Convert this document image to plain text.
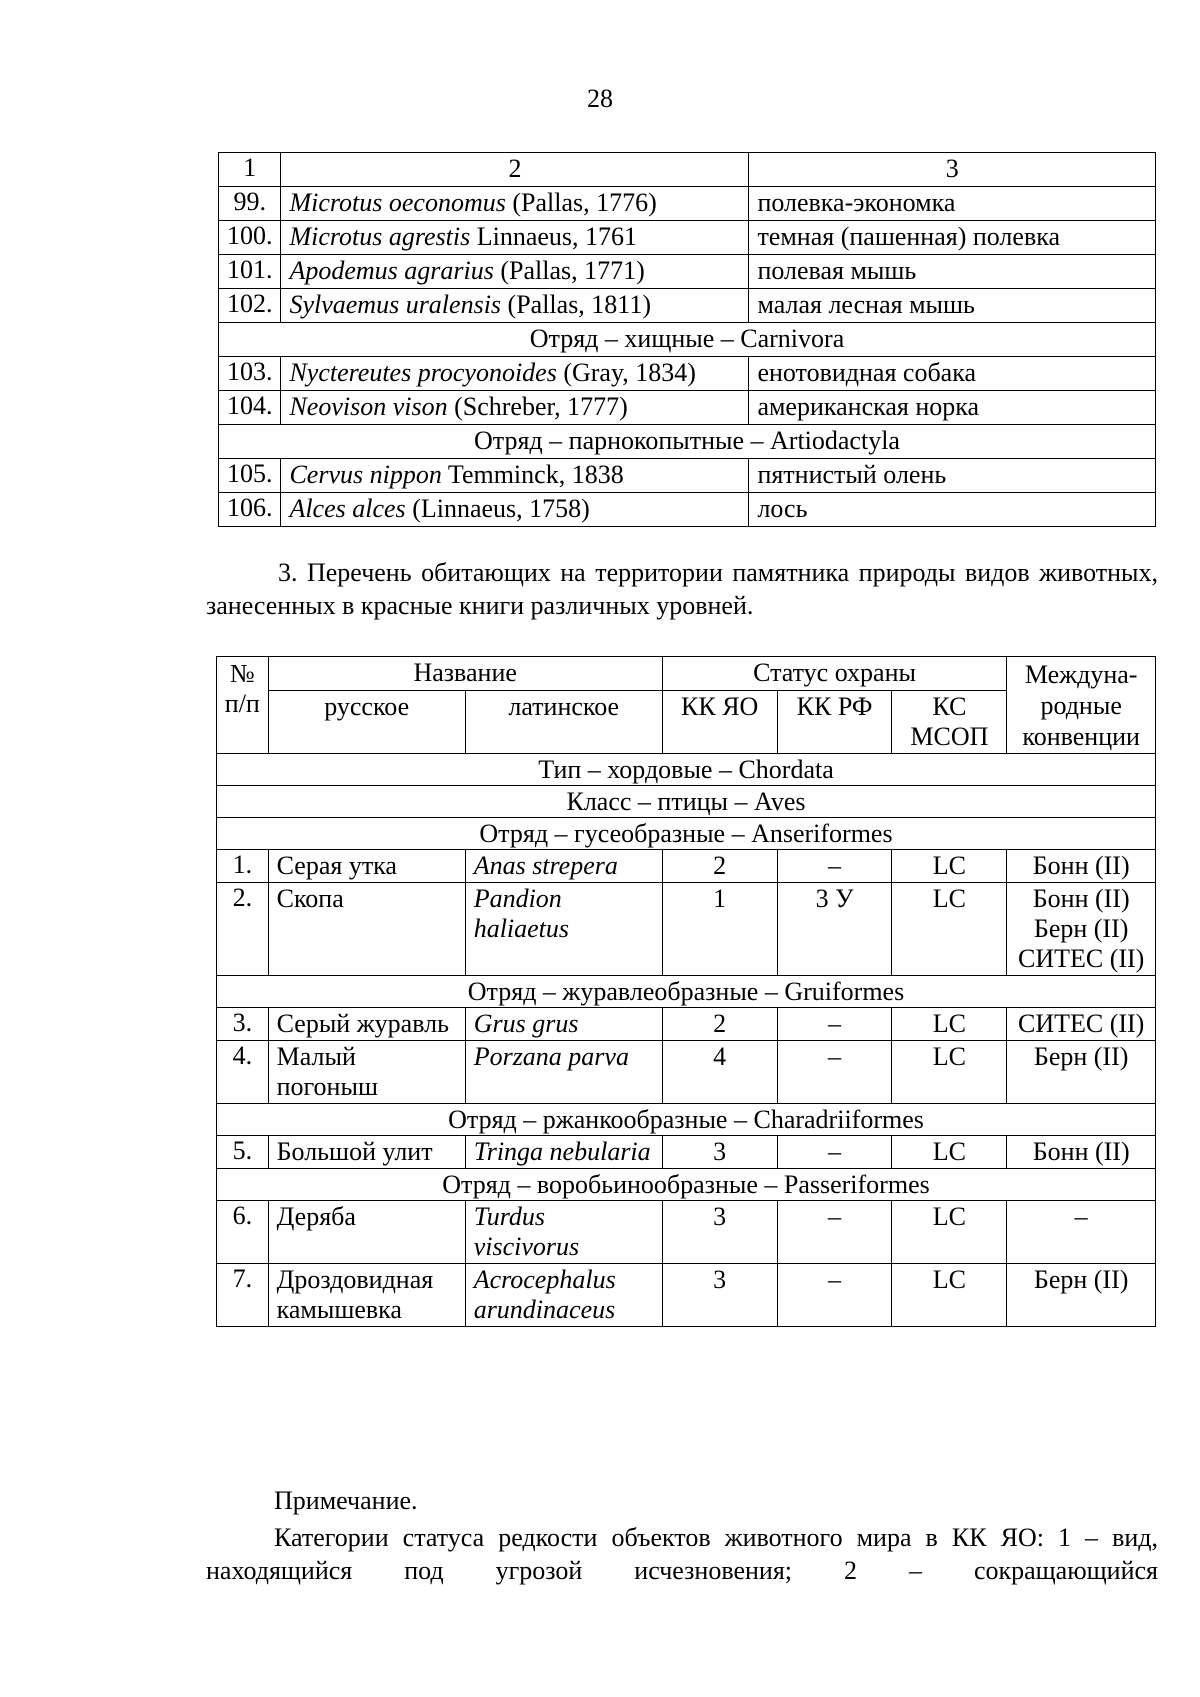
28
1	2	3
99.	Microtus oeconomus (Pallas, 1776)	полевка-экономка
100.	Microtus agrestis Linnaeus, 1761	темная (пашенная) полевка
101.	Apodemus agrarius (Pallas, 1771)	полевая мышь
102.	Sylvaemus uralensis (Pallas, 1811)	малая лесная мышь
Отряд – хищные – Carnivora		
103.	Nyctereutes procyonoides (Gray, 1834)	енотовидная собака
104.	Neovison vison (Schreber, 1777)	американская норка
Отряд – парнокопытные – Artiodactyla		
105.	Cervus nippon Temminck, 1838	пятнистый олень
106.	Alces alces (Linnaeus, 1758)	лось
3. Перечень обитающих на территории памятника природы видов животных, занесенных в красные книги различных уровней.
№ п/п	Название		Статус охраны			Междуна-родные конвенции
	русское	латинское	КК ЯО	КК РФ	КС МСОП	
Тип – хордовые – Chordata						
Класс – птицы – Aves						
Отряд – гусеобразные – Anseriformes						
1.	Серая утка	Anas strepera	2	–	LC	Бонн (II)
2.	Скопа	Pandion haliaetus	1	3 У	LC	Бонн (II) Берн (II) СИТЕС (II)
Отряд – журавлеобразные – Gruiformes						
3.	Серый журавль	Grus grus	2	–	LC	СИТЕС (II)
4.	Малый погоныш	Porzana parva	4	–	LC	Берн (II)
Отряд – ржанкообразные – Charadriiformes						
5.	Большой улит	Tringa nebularia	3	–	LC	Бонн (II)
Отряд – воробьинообразные – Passeriformes						
6.	Деряба	Turdus viscivorus	3	–	LC	–
7.	Дроздовидная камышевка	Acrocephalus arundinaceus	3	–	LC	Берн (II)
Примечание.
Категории статуса редкости объектов животного мира в КК ЯО: 1 – вид, находящийся под угрозой исчезновения; 2 – сокращающийся
